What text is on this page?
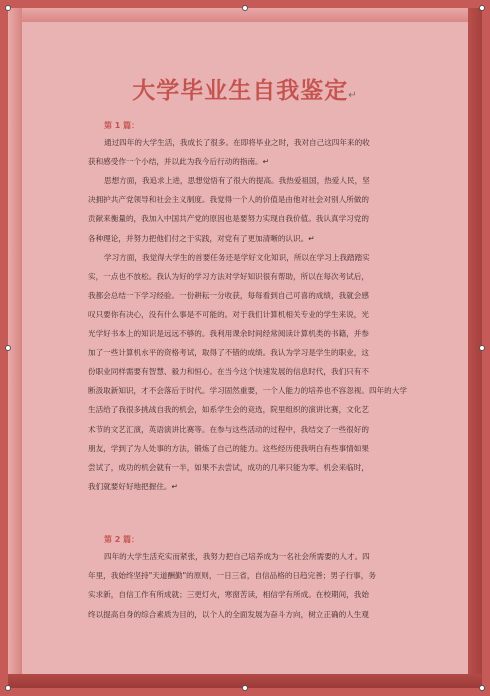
大学毕业生自我鉴定↵
第 1 篇：
通过四年的大学生活，我成长了很多。在即将毕业之时，我对自己这四年来的收
获和感受作一个小结，并以此为我今后行动的指南。↵
思想方面，我追求上进，思想觉悟有了很大的提高。我热爱祖国，热爱人民，坚
决拥护共产党领导和社会主义制度。我觉得一个人的价值是由他对社会对别人所做的
贡献来衡量的，我加入中国共产党的原因也是要努力实现自我价值。我认真学习党的
各种理论，并努力把他们付之于实践，对党有了更加清晰的认识。↵
学习方面，我觉得大学生的首要任务还是学好文化知识，所以在学习上我踏踏实
实，一点也不放松。我认为好的学习方法对学好知识很有帮助，所以在每次考试后，
我都会总结一下学习经验。一份耕耘一分收获，每每看到自己可喜的成绩，我就会感
叹只要你有决心，没有什么事是不可能的。对于我们计算机相关专业的学生来说，光
光学好书本上的知识是远远不够的。我利用课余时间经常阅读计算机类的书籍，并参
加了一些计算机水平的资格考试，取得了不错的成绩。我认为学习是学生的职业，这
份职业同样需要有智慧、毅力和恒心。在当今这个快速发展的信息时代，我们只有不
断汲取新知识，才不会落后于时代。学习固然重要，一个人能力的培养也不容忽视。四年的大学
生活给了我很多挑战自我的机会，如系学生会的竞选，院里组织的演讲比赛，文化艺
术节的文艺汇演，英语演讲比赛等。在参与这些活动的过程中，我结交了一些很好的
朋友，学到了为人处事的方法，锻炼了自己的能力。这些经历使我明白有些事情如果
尝试了，成功的机会就有一半，如果不去尝试，成功的几率只能为零。机会来临时，
我们就要好好地把握住。↵
第 2 篇：
四年的大学生活充实而紧张，我努力把自己培养成为一名社会所需要的人才。四
年里，我始终坚持"天道酬勤"的原则，一日三省，自信品格的日趋完善；男子行事，务
实求新，自信工作有所成就；三更灯火，寒窗苦读，相信学有所成。在校期间，我始
终以提高自身的综合素质为目的，以个人的全面发展为奋斗方向，树立正确的人生观
